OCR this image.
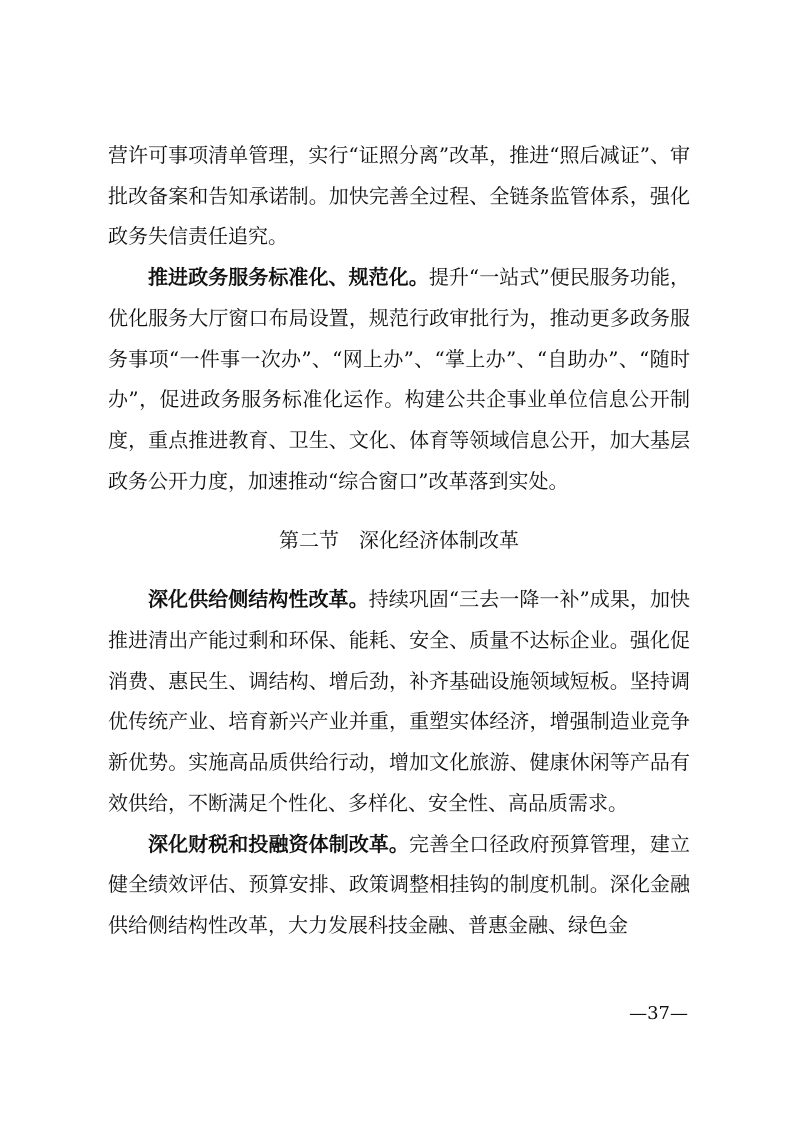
营许可事项清单管理，实行“证照分离”改革，推进“照后减证”、审批改备案和告知承诺制。加快完善全过程、全链条监管体系，强化政务失信责任追究。

推进政务服务标准化、规范化。提升“一站式”便民服务功能，优化服务大厅窗口布局设置，规范行政审批行为，推动更多政务服务事项“一件事一次办”、“网上办”、“掌上办”、“自助办”、“随时办”，促进政务服务标准化运作。构建公共企事业单位信息公开制度，重点推进教育、卫生、文化、体育等领域信息公开，加大基层政务公开力度，加速推动“综合窗口”改革落到实处。

第二节　深化经济体制改革

深化供给侧结构性改革。持续巩固“三去一降一补”成果，加快推进清出产能过剩和环保、能耗、安全、质量不达标企业。强化促消费、惠民生、调结构、增后劲，补齐基础设施领域短板。坚持调优传统产业、培育新兴产业并重，重塑实体经济，增强制造业竞争新优势。实施高品质供给行动，增加文化旅游、健康休闲等产品有效供给，不断满足个性化、多样化、安全性、高品质需求。

深化财税和投融资体制改革。完善全口径政府预算管理，建立健全绩效评估、预算安排、政策调整相挂钩的制度机制。深化金融供给侧结构性改革，大力发展科技金融、普惠金融、绿色金

—37—
